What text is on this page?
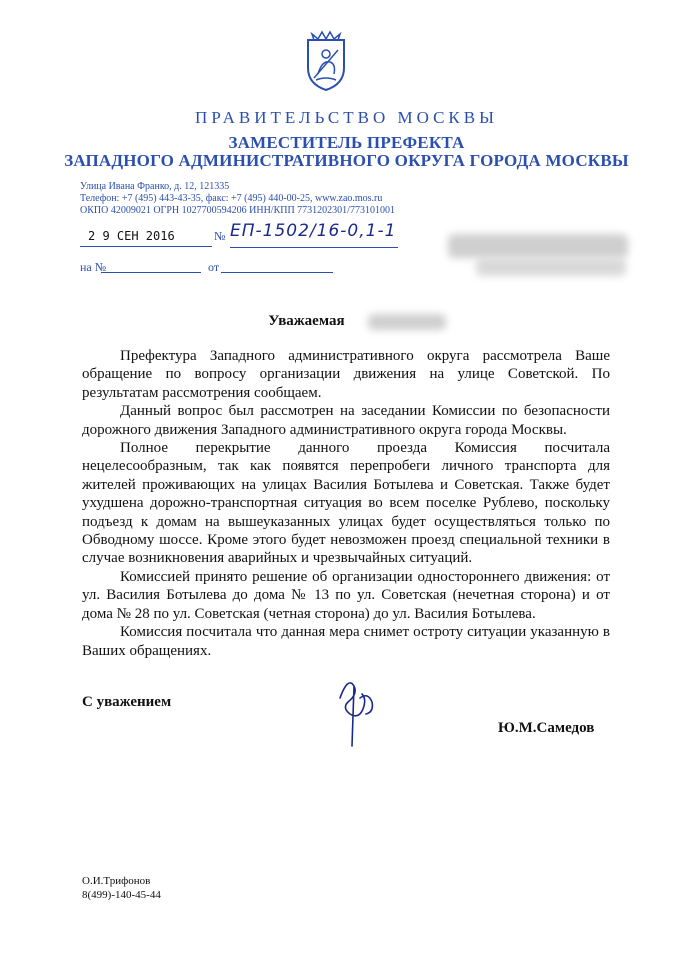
ПРАВИТЕЛЬСТВО МОСКВЫ
ЗАМЕСТИТЕЛЬ ПРЕФЕКТА
ЗАПАДНОГО АДМИНИСТРАТИВНОГО ОКРУГА ГОРОДА МОСКВЫ
Улица Ивана Франко, д. 12, 121335
Телефон: +7 (495) 443-43-35, факс: +7 (495) 440-00-25, www.zao.mos.ru
ОКПО 42009021 ОГРН 1027700594206 ИНН/КПП 7731202301/773101001
2 9 СЕН 2016	№ ЕП-1502/16-0,1-1
на №	от
Уважаемая

Префектура Западного административного округа рассмотрела Ваше обращение по вопросу организации движения на улице Советской. По результатам рассмотрения сообщаем.

Данный вопрос был рассмотрен на заседании Комиссии по безопасности дорожного движения Западного административного округа города Москвы.

Полное перекрытие данного проезда Комиссия посчитала нецелесообразным, так как появятся перепробеги личного транспорта для жителей проживающих на улицах Василия Ботылева и Советская. Также будет ухудшена дорожно-транспортная ситуация во всем поселке Рублево, поскольку подъезд к домам на вышеуказанных улицах будет осуществляться только по Обводному шоссе. Кроме этого будет невозможен проезд специальной техники в случае возникновения аварийных и чрезвычайных ситуаций.

Комиссией принято решение об организации одностороннего движения: от ул. Василия Ботылева до дома № 13 по ул. Советская (нечетная сторона) и от дома № 28 по ул. Советская (четная сторона) до ул. Василия Ботылева.

Комиссия посчитала что данная мера снимет остроту ситуации указанную в Ваших обращениях.

С уважением
Ю.М.Самедов
О.И.Трифонов
8(499)-140-45-44
